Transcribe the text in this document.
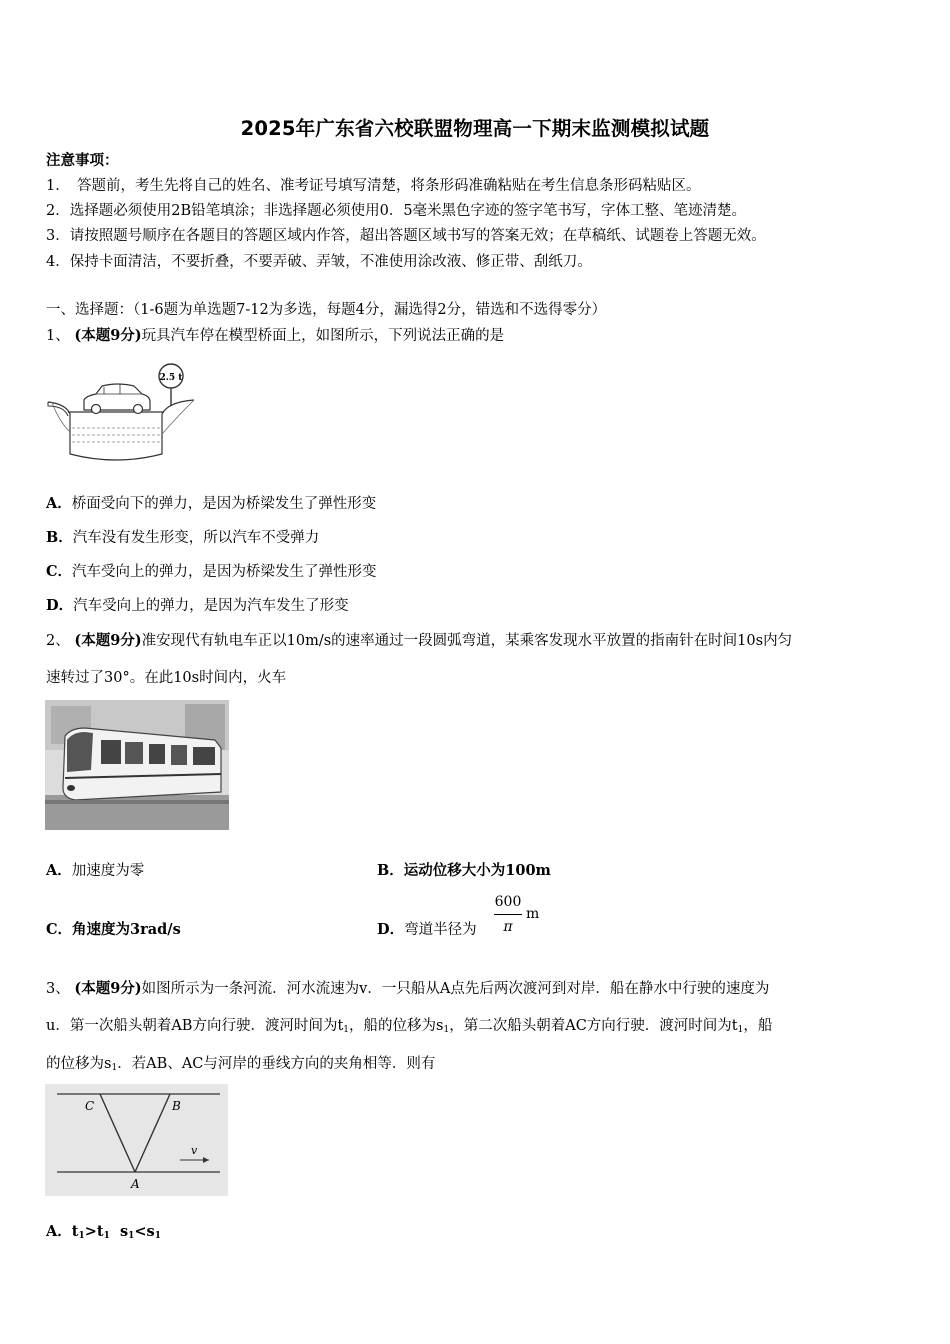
2025年广东省六校联盟物理高一下期末监测模拟试题
注意事项：
1．　答题前，考生先将自己的姓名、准考证号填写清楚，将条形码准确粘贴在考生信息条形码粘贴区。
2．选择题必须使用2B铅笔填涂；非选择题必须使用0．5毫米黑色字迹的签字笔书写，字体工整、笔迹清楚。
3．请按照题号顺序在各题目的答题区域内作答，超出答题区域书写的答案无效；在草稿纸、试题卷上答题无效。
4．保持卡面清洁，不要折叠，不要弄破、弄皱，不准使用涂改液、修正带、刮纸刀。
一、选择题：（1-6题为单选题7-12为多选，每题4分，漏选得2分，错选和不选得零分）
1、 (本题9分)玩具汽车停在模型桥面上，如图所示，下列说法正确的是
2.5 t
A．桥面受向下的弹力，是因为桥梁发生了弹性形变
B．汽车没有发生形变，所以汽车不受弹力
C．汽车受向上的弹力，是因为桥梁发生了弹性形变
D．汽车受向上的弹力，是因为汽车发生了形变
2、 (本题9分)准安现代有轨电车正以10m/s的速率通过一段圆弧弯道，某乘客发现水平放置的指南针在时间10s内匀
速转过了30°。在此10s时间内，火车
A．加速度为零	B．运动位移大小为100m
C．角速度为3rad/s	D．弯道半径为
600
π
m
3、 (本题9分)如图所示为一条河流．河水流速为v．一只船从A点先后两次渡河到对岸．船在静水中行驶的速度为
u．第一次船头朝着AB方向行驶．渡河时间为$t_1$，船的位移为$s_1$，第二次船头朝着AC方向行驶．渡河时间为$t_1$，船
的位移为$s_1$．若AB、AC与河岸的垂线方向的夹角相等．则有
C	B
A
v
A．$t_1>t_1$  $s_1<s_1$
